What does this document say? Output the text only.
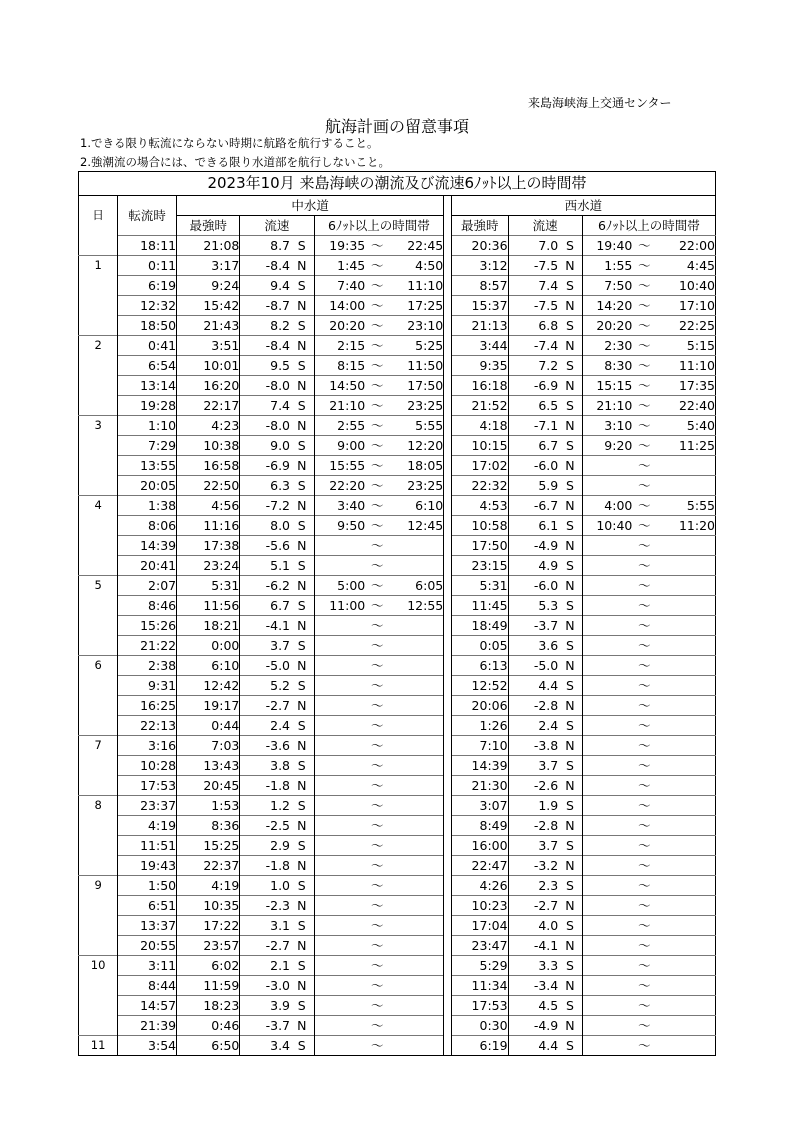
来島海峡海上交通センター
航海計画の留意事項
1.できる限り転流にならない時期に航路を航行すること。
2.強潮流の場合には、できる限り水道部を航行しないこと。
2023年10月 来島海峡の潮流及び流速6ﾉｯﾄ以上の時間帯														
日	転流時	中水道							西水道					
		最強時	流速		6ﾉｯﾄ以上の時間帯				最強時	流速		6ﾉｯﾄ以上の時間帯		
	18:11	21:08	8.7	S	19:35	～	22:45		20:36	7.0	S	19:40	～	22:00
1	0:11	3:17	-8.4	N	1:45	～	4:50		3:12	-7.5	N	1:55	～	4:45
	6:19	9:24	9.4	S	7:40	～	11:10		8:57	7.4	S	7:50	～	10:40
	12:32	15:42	-8.7	N	14:00	～	17:25		15:37	-7.5	N	14:20	～	17:10
	18:50	21:43	8.2	S	20:20	～	23:10		21:13	6.8	S	20:20	～	22:25
2	0:41	3:51	-8.4	N	2:15	～	5:25		3:44	-7.4	N	2:30	～	5:15
	6:54	10:01	9.5	S	8:15	～	11:50		9:35	7.2	S	8:30	～	11:10
	13:14	16:20	-8.0	N	14:50	～	17:50		16:18	-6.9	N	15:15	～	17:35
	19:28	22:17	7.4	S	21:10	～	23:25		21:52	6.5	S	21:10	～	22:40
3	1:10	4:23	-8.0	N	2:55	～	5:55		4:18	-7.1	N	3:10	～	5:40
	7:29	10:38	9.0	S	9:00	～	12:20		10:15	6.7	S	9:20	～	11:25
	13:55	16:58	-6.9	N	15:55	～	18:05		17:02	-6.0	N		～	
	20:05	22:50	6.3	S	22:20	～	23:25		22:32	5.9	S		～	
4	1:38	4:56	-7.2	N	3:40	～	6:10		4:53	-6.7	N	4:00	～	5:55
	8:06	11:16	8.0	S	9:50	～	12:45		10:58	6.1	S	10:40	～	11:20
	14:39	17:38	-5.6	N		～			17:50	-4.9	N		～	
	20:41	23:24	5.1	S		～			23:15	4.9	S		～	
5	2:07	5:31	-6.2	N	5:00	～	6:05		5:31	-6.0	N		～	
	8:46	11:56	6.7	S	11:00	～	12:55		11:45	5.3	S		～	
	15:26	18:21	-4.1	N		～			18:49	-3.7	N		～	
	21:22	0:00	3.7	S		～			0:05	3.6	S		～	
6	2:38	6:10	-5.0	N		～			6:13	-5.0	N		～	
	9:31	12:42	5.2	S		～			12:52	4.4	S		～	
	16:25	19:17	-2.7	N		～			20:06	-2.8	N		～	
	22:13	0:44	2.4	S		～			1:26	2.4	S		～	
7	3:16	7:03	-3.6	N		～			7:10	-3.8	N		～	
	10:28	13:43	3.8	S		～			14:39	3.7	S		～	
	17:53	20:45	-1.8	N		～			21:30	-2.6	N		～	
8	23:37	1:53	1.2	S		～			3:07	1.9	S		～	
	4:19	8:36	-2.5	N		～			8:49	-2.8	N		～	
	11:51	15:25	2.9	S		～			16:00	3.7	S		～	
	19:43	22:37	-1.8	N		～			22:47	-3.2	N		～	
9	1:50	4:19	1.0	S		～			4:26	2.3	S		～	
	6:51	10:35	-2.3	N		～			10:23	-2.7	N		～	
	13:37	17:22	3.1	S		～			17:04	4.0	S		～	
	20:55	23:57	-2.7	N		～			23:47	-4.1	N		～	
10	3:11	6:02	2.1	S		～			5:29	3.3	S		～	
	8:44	11:59	-3.0	N		～			11:34	-3.4	N		～	
	14:57	18:23	3.9	S		～			17:53	4.5	S		～	
	21:39	0:46	-3.7	N		～			0:30	-4.9	N		～	
11	3:54	6:50	3.4	S		～			6:19	4.4	S		～	
